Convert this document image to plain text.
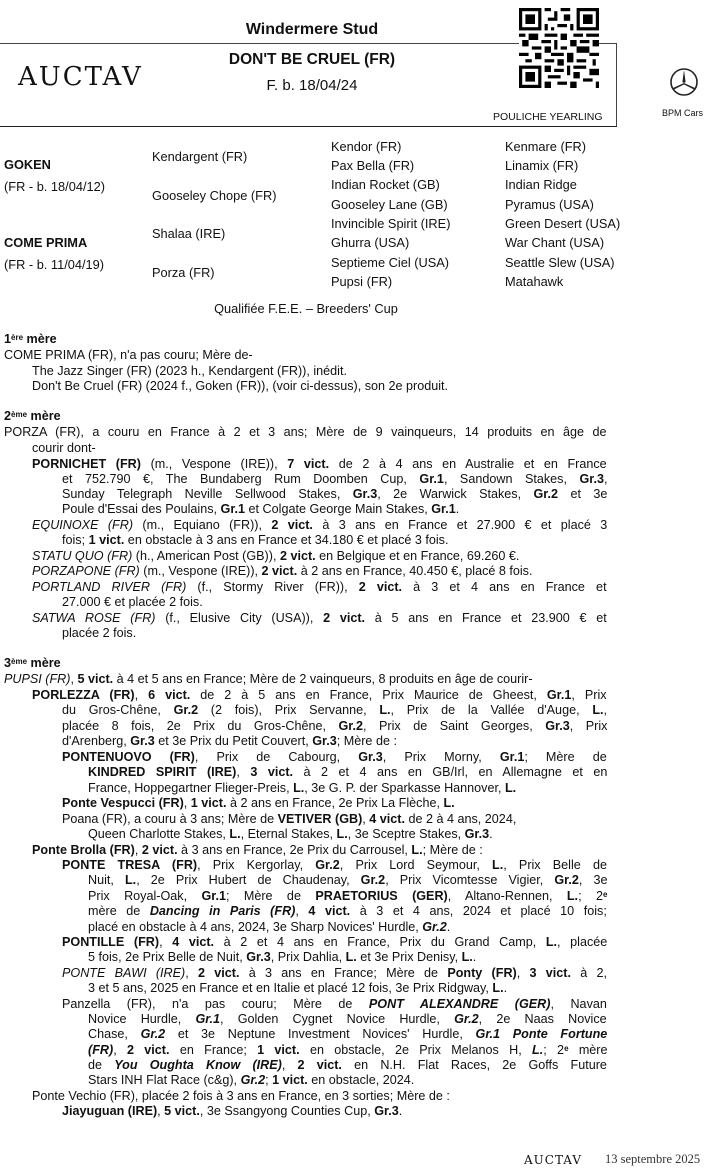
Windermere Stud
DON'T BE CRUEL (FR)
F. b. 18/04/24
AUCTAV
POULICHE YEARLING	BPM Cars
GOKEN
(FR - b. 18/04/12)
COME PRIMA
(FR - b. 11/04/19)
Kendargent (FR)
Gooseley Chope (FR)
Shalaa (IRE)
Porza (FR)
Kendor (FR)
Pax Bella (FR)
Indian Rocket (GB)
Gooseley Lane (GB)
Invincible Spirit (IRE)
Ghurra (USA)
Septieme Ciel (USA)
Pupsi (FR)
Kenmare (FR)
Linamix (FR)
Indian Ridge
Pyramus (USA)
Green Desert (USA)
War Chant (USA)
Seattle Slew (USA)
Matahawk
Qualifiée F.E.E. – Breeders' Cup
1ère mère
COME PRIMA (FR), n'a pas couru; Mère de-
The Jazz Singer (FR) (2023 h., Kendargent (FR)), inédit.
Don't Be Cruel (FR) (2024 f., Goken (FR)), (voir ci-dessus), son 2e produit.
2ème mère
PORZA (FR), a couru en France à 2 et 3 ans; Mère de 9 vainqueurs, 14 produits en âge de
courir dont-
PORNICHET (FR) (m., Vespone (IRE)), 7 vict. de 2 à 4 ans en Australie et en France
et 752.790 €, The Bundaberg Rum Doomben Cup, Gr.1, Sandown Stakes, Gr.3,
Sunday Telegraph Neville Sellwood Stakes, Gr.3, 2e Warwick Stakes, Gr.2 et 3e
Poule d'Essai des Poulains, Gr.1 et Colgate George Main Stakes, Gr.1.
EQUINOXE (FR) (m., Equiano (FR)), 2 vict. à 3 ans en France et 27.900 € et placé 3
fois; 1 vict. en obstacle à 3 ans en France et 34.180 € et placé 3 fois.
STATU QUO (FR) (h., American Post (GB)), 2 vict. en Belgique et en France, 69.260 €.
PORZAPONE (FR) (m., Vespone (IRE)), 2 vict. à 2 ans en France, 40.450 €, placé 8 fois.
PORTLAND RIVER (FR) (f., Stormy River (FR)), 2 vict. à 3 et 4 ans en France et
27.000 € et placée 2 fois.
SATWA ROSE (FR) (f., Elusive City (USA)), 2 vict. à 5 ans en France et 23.900 € et
placée 2 fois.
3ème mère
PUPSI (FR), 5 vict. à 4 et 5 ans en France; Mère de 2 vainqueurs, 8 produits en âge de courir-
PORLEZZA (FR), 6 vict. de 2 à 5 ans en France, Prix Maurice de Gheest, Gr.1, Prix
du Gros-Chêne, Gr.2 (2 fois), Prix Servanne, L., Prix de la Vallée d'Auge, L.,
placée 8 fois, 2e Prix du Gros-Chêne, Gr.2, Prix de Saint Georges, Gr.3, Prix
d'Arenberg, Gr.3 et 3e Prix du Petit Couvert, Gr.3; Mère de :
PONTENUOVO (FR), Prix de Cabourg, Gr.3, Prix Morny, Gr.1; Mère de
KINDRED SPIRIT (IRE), 3 vict. à 2 et 4 ans en GB/Irl, en Allemagne et en
France, Hoppegartner Flieger-Preis, L., 3e G. P. der Sparkasse Hannover, L.
Ponte Vespucci (FR), 1 vict. à 2 ans en France, 2e Prix La Flèche, L.
Poana (FR), a couru à 3 ans; Mère de VETIVER (GB), 4 vict. de 2 à 4 ans, 2024,
Queen Charlotte Stakes, L., Eternal Stakes, L., 3e Sceptre Stakes, Gr.3.
Ponte Brolla (FR), 2 vict. à 3 ans en France, 2e Prix du Carrousel, L.; Mère de :
PONTE TRESA (FR), Prix Kergorlay, Gr.2, Prix Lord Seymour, L., Prix Belle de
Nuit, L., 2e Prix Hubert de Chaudenay, Gr.2, Prix Vicomtesse Vigier, Gr.2, 3e
Prix Royal-Oak, Gr.1; Mère de PRAETORIUS (GER), Altano-Rennen, L.; 2e
mère de Dancing in Paris (FR), 4 vict. à 3 et 4 ans, 2024 et placé 10 fois;
placé en obstacle à 4 ans, 2024, 3e Sharp Novices' Hurdle, Gr.2.
PONTILLE (FR), 4 vict. à 2 et 4 ans en France, Prix du Grand Camp, L., placée
5 fois, 2e Prix Belle de Nuit, Gr.3, Prix Dahlia, L. et 3e Prix Denisy, L..
PONTE BAWI (IRE), 2 vict. à 3 ans en France; Mère de Ponty (FR), 3 vict. à 2,
3 et 5 ans, 2025 en France et en Italie et placé 12 fois, 3e Prix Ridgway, L..
Panzella (FR), n'a pas couru; Mère de PONT ALEXANDRE (GER), Navan
Novice Hurdle, Gr.1, Golden Cygnet Novice Hurdle, Gr.2, 2e Naas Novice
Chase, Gr.2 et 3e Neptune Investment Novices' Hurdle, Gr.1 Ponte Fortune
(FR), 2 vict. en France; 1 vict. en obstacle, 2e Prix Melanos H, L.; 2e mère
de You Oughta Know (IRE), 2 vict. en N.H. Flat Races, 2e Goffs Future
Stars INH Flat Race (c&g), Gr.2; 1 vict. en obstacle, 2024.
Ponte Vechio (FR), placée 2 fois à 3 ans en France, en 3 sorties; Mère de :
Jiayuguan (IRE), 5 vict., 3e Ssangyong Counties Cup, Gr.3.
AUCTAV 13 septembre 2025
